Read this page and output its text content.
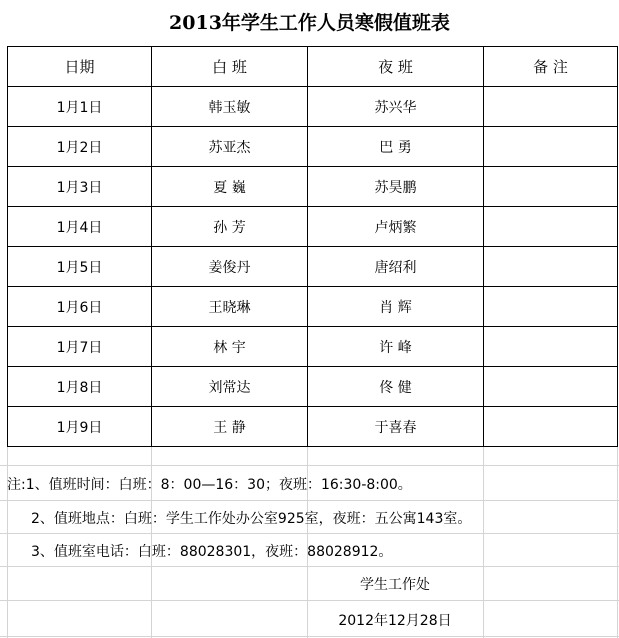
2013年学生工作人员寒假值班表
日期	白 班	夜 班	备 注
1月1日	韩玉敏	苏兴华	
1月2日	苏亚杰	巴 勇	
1月3日	夏 巍	苏昊鹏	
1月4日	孙 芳	卢炳繁	
1月5日	姜俊丹	唐绍利	
1月6日	王晓琳	肖 辉	
1月7日	林 宇	许 峰	
1月8日	刘常达	佟 健	
1月9日	王 静	于喜春	
注:1、值班时间：白班：8：00—16：30；夜班：16:30-8:00。
2、值班地点：白班：学生工作处办公室925室，夜班：五公寓143室。
3、值班室电话：白班：88028301，夜班：88028912。
学生工作处
2012年12月28日
